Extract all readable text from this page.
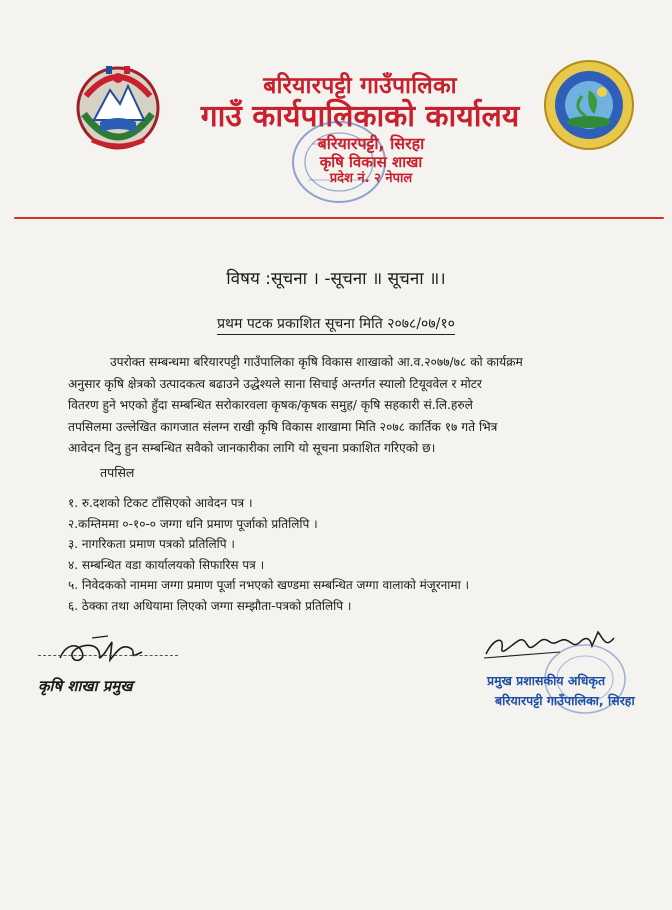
बरियारपट्टी गाउँपालिका
गाउँ कार्यपालिकाको कार्यालय
बरियारपट्टी, सिरहा
कृषि विकास शाखा
प्रदेश नं. २ नेपाल
विषय :सूचना । -सूचना ॥ सूचना ॥।
प्रथम पटक प्रकाशित सूचना मिति २०७८/०७/१०
उपरोक्त सम्बन्धमा बरियारपट्टी गाउँपालिका कृषि विकास शाखाको आ.व.२०७७/७८ को कार्यक्रम
अनुसार कृषि क्षेत्रको उत्पादकत्व बढाउने उद्धेश्यले साना सिचाई अन्तर्गत स्यालो टियूववेल र मोटर
वितरण हुने भएको हुँदा सम्बन्धित सरोकारवला कृषक/कृषक समुह/ कृषि सहकारी सं.लि.हरुले
तपसिलमा उल्लेखित कागजात संलग्न राखी कृषि विकास शाखामा मिति २०७८ कार्तिक १७ गते भित्र
आवेदन दिनु हुन सम्बन्धित सवैको जानकारीका लागि यो सूचना प्रकाशित गरिएको छ।
तपसिल
१. रु.दशको टिकट टाँसिएको आवेदन पत्र ।
२.कम्तिममा ०-१०-० जग्गा धनि प्रमाण पूर्जाको प्रतिलिपि ।
३. नागरिकता प्रमाण पत्रको प्रतिलिपि ।
४. सम्बन्धित वडा कार्यालयको सिफारिस पत्र ।
५. निवेदकको नाममा जग्गा प्रमाण पूर्जा नभएको खण्डमा सम्बन्धित जग्गा वालाको मंजूरनामा ।
६. ठेक्का तथा अधियामा लिएको जग्गा सम्झौता-पत्रको प्रतिलिपि ।
कृषि शाखा प्रमुख	प्रमुख प्रशासकीय अधिकृत
बरियारपट्टी गाउँपालिका, सिरहा
